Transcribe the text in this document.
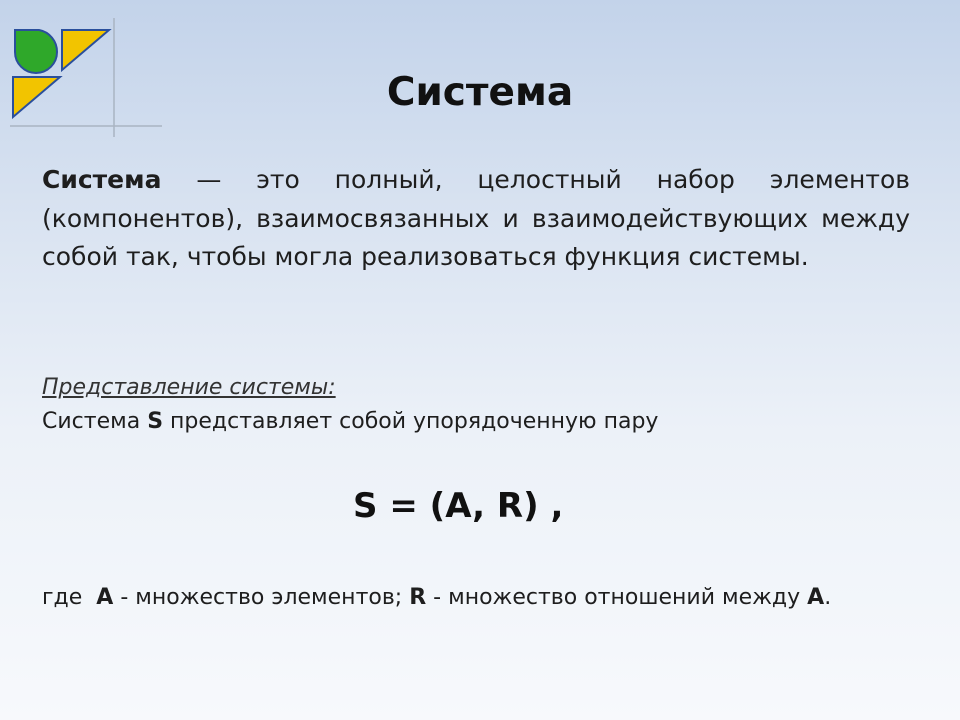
Система

Система — это полный, целостный набор элементов (компонентов), взаимосвязанных и взаимодействующих между собой так, чтобы могла реализоваться функция системы.

Представление системы:
Система S представляет собой упорядоченную пару
S = (A, R) ,
где  A - множество элементов; R - множество отношений между A.
